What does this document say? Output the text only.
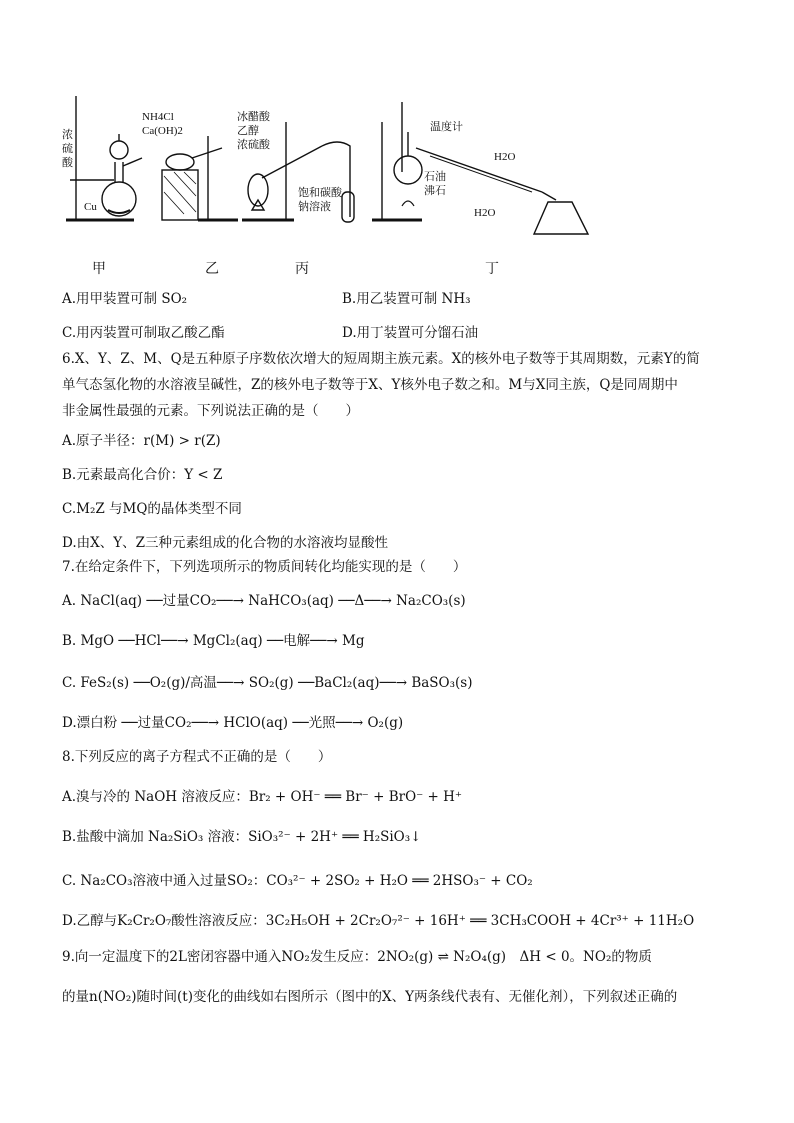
浓
硫
酸
Cu
NH4Cl
Ca(OH)2
冰醋酸
乙醇
浓硫酸
饱和碳酸
钠溶液
温度计
H2O
石油
沸石
H2O
甲	乙	丙	丁
A.用甲装置可制 SO₂	B.用乙装置可制 NH₃
C.用丙装置可制取乙酸乙酯	D.用丁装置可分馏石油
6.X、Y、Z、M、Q是五种原子序数依次增大的短周期主族元素。X的核外电子数等于其周期数，元素Y的简
单气态氢化物的水溶液呈碱性，Z的核外电子数等于X、Y核外电子数之和。M与X同主族，Q是同周期中
非金属性最强的元素。下列说法正确的是（　　）
A.原子半径：r(M) > r(Z)
B.元素最高化合价：Y < Z
C.M₂Z 与MQ的晶体类型不同
D.由X、Y、Z三种元素组成的化合物的水溶液均显酸性
7.在给定条件下，下列选项所示的物质间转化均能实现的是（　　）
A. NaCl(aq) ──过量CO₂──→ NaHCO₃(aq) ──Δ──→ Na₂CO₃(s)
B. MgO ──HCl──→ MgCl₂(aq) ──电解──→ Mg
C. FeS₂(s) ──O₂(g)/高温──→ SO₂(g) ──BaCl₂(aq)──→ BaSO₃(s)
D.漂白粉 ──过量CO₂──→ HClO(aq) ──光照──→ O₂(g)
8.下列反应的离子方程式不正确的是（　　）
A.溴与冷的 NaOH 溶液反应：Br₂ + OH⁻ ══ Br⁻ + BrO⁻ + H⁺
B.盐酸中滴加 Na₂SiO₃ 溶液：SiO₃²⁻ + 2H⁺ ══ H₂SiO₃↓
C. Na₂CO₃溶液中通入过量SO₂：CO₃²⁻ + 2SO₂ + H₂O ══ 2HSO₃⁻ + CO₂
D.乙醇与K₂Cr₂O₇酸性溶液反应：3C₂H₅OH + 2Cr₂O₇²⁻ + 16H⁺ ══ 3CH₃COOH + 4Cr³⁺ + 11H₂O
9.向一定温度下的2L密闭容器中通入NO₂发生反应：2NO₂(g) ⇌ N₂O₄(g)　ΔH < 0。NO₂的物质
的量n(NO₂)随时间(t)变化的曲线如右图所示（图中的X、Y两条线代表有、无催化剂），下列叙述正确的
